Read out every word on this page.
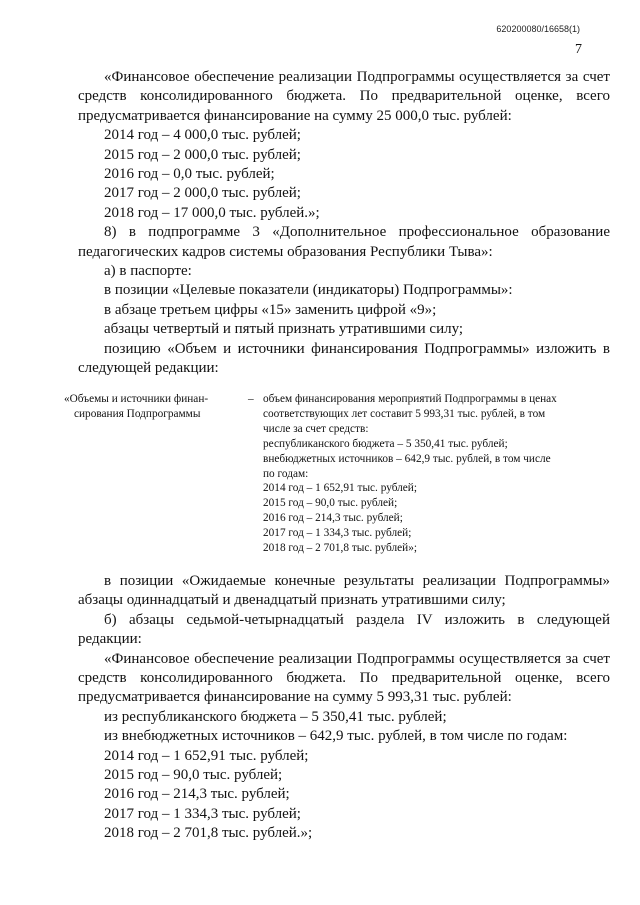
620200080/16658(1)
7

«Финансовое обеспечение реализации Подпрограммы осуществляется за счет средств консолидированного бюджета. По предварительной оценке, всего предусматривается финансирование на сумму 25 000,0 тыс. рублей:

2014 год – 4 000,0 тыс. рублей;

2015 год – 2 000,0 тыс. рублей;

2016 год – 0,0 тыс. рублей;

2017 год – 2 000,0 тыс. рублей;

2018 год – 17 000,0 тыс. рублей.»;

8) в подпрограмме 3 «Дополнительное профессиональное образование педагогических кадров системы образования Республики Тыва»:

а) в паспорте:

в позиции «Целевые показатели (индикаторы) Подпрограммы»:

в абзаце третьем цифры «15» заменить цифрой «9»;

абзацы четвертый и пятый признать утратившими силу;

позицию «Объем и источники финансирования Подпрограммы» изложить в следующей редакции:

«Объемы и источники финан-

сирования Подпрограммы

– объем финансирования мероприятий Подпрограммы в ценах

соответствующих лет составит 5 993,31 тыс. рублей, в том

числе за счет средств:

республиканского бюджета – 5 350,41 тыс. рублей;

внебюджетных источников – 642,9 тыс. рублей, в том числе

по годам:

2014 год – 1 652,91 тыс. рублей;

2015 год – 90,0 тыс. рублей;

2016 год – 214,3 тыс. рублей;

2017 год – 1 334,3 тыс. рублей;

2018 год – 2 701,8 тыс. рублей»;

в позиции «Ожидаемые конечные результаты реализации Подпрограммы» абзацы одиннадцатый и двенадцатый признать утратившими силу;

б) абзацы седьмой-четырнадцатый раздела IV изложить в следующей редакции:

«Финансовое обеспечение реализации Подпрограммы осуществляется за счет средств консолидированного бюджета. По предварительной оценке, всего предусматривается финансирование на сумму 5 993,31 тыс. рублей:

из республиканского бюджета – 5 350,41 тыс. рублей;

из внебюджетных источников – 642,9 тыс. рублей, в том числе по годам:

2014 год – 1 652,91 тыс. рублей;

2015 год – 90,0 тыс. рублей;

2016 год – 214,3 тыс. рублей;

2017 год – 1 334,3 тыс. рублей;

2018 год – 2 701,8 тыс. рублей.»;
